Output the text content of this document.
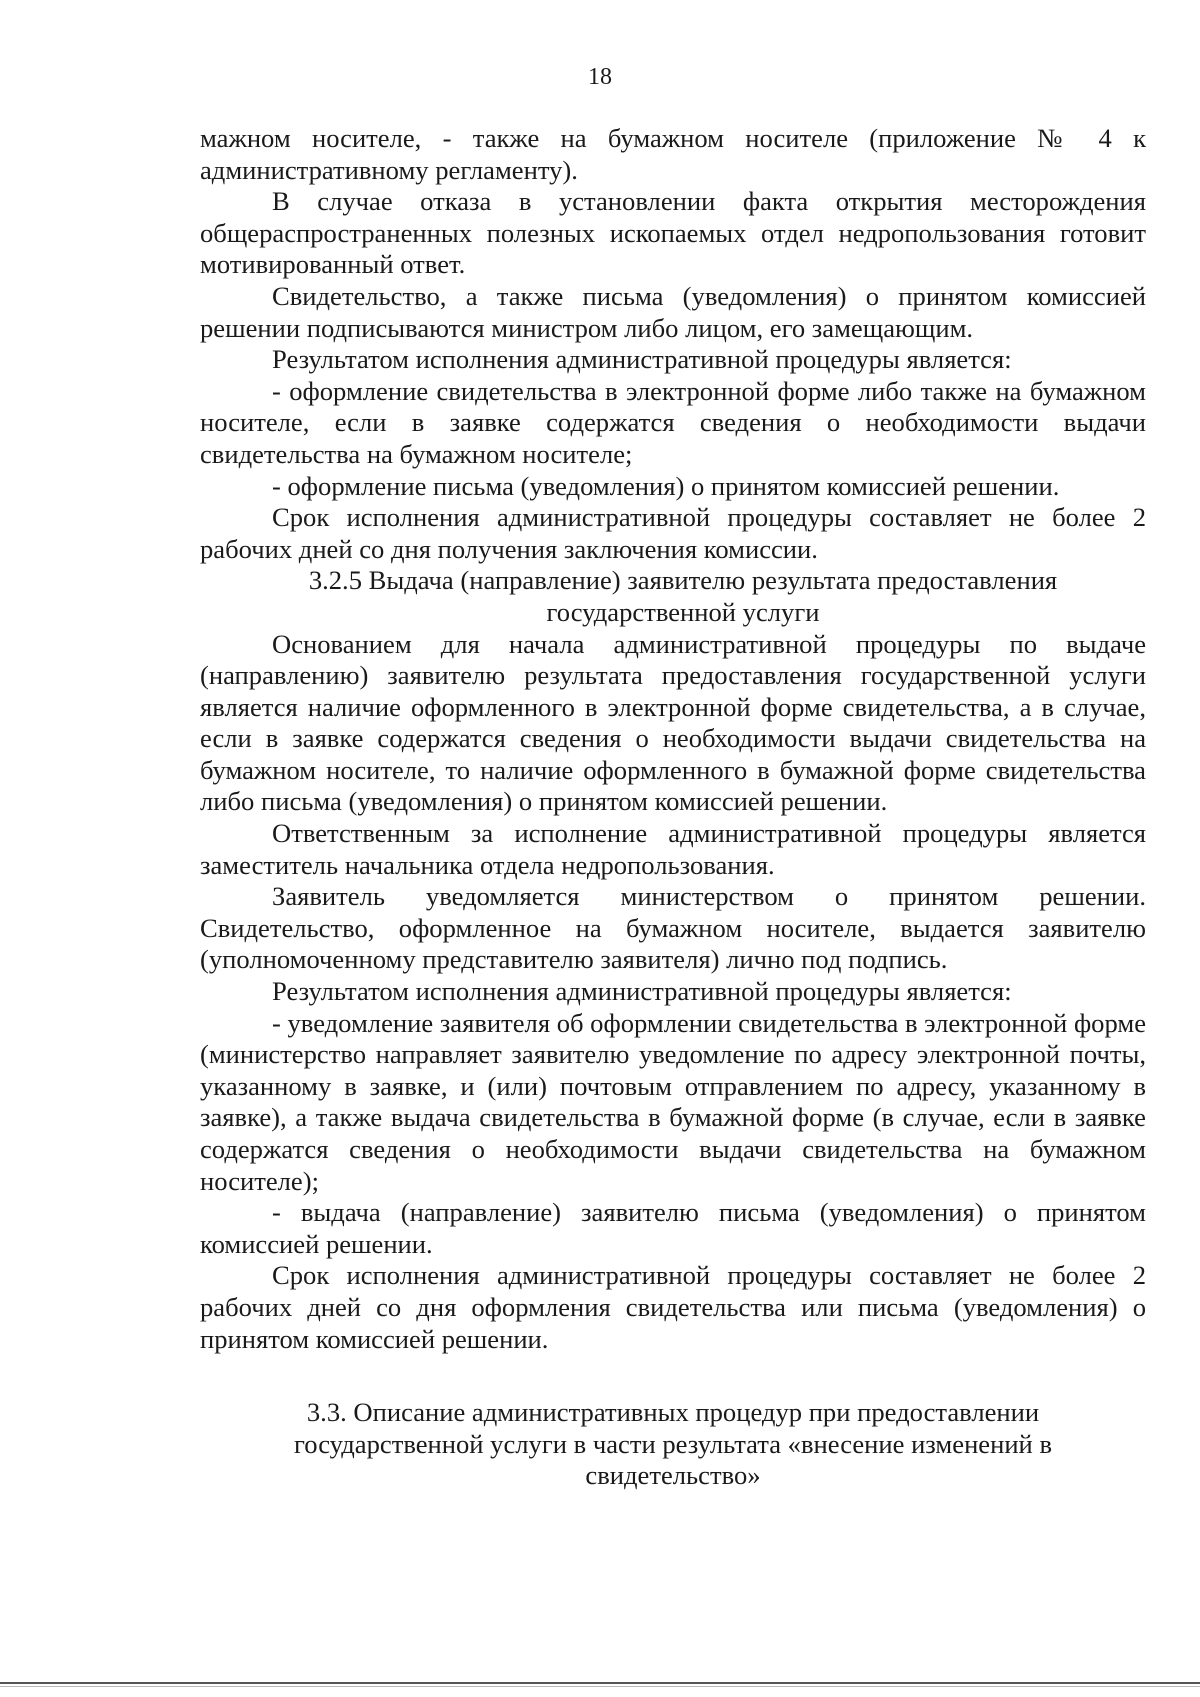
18

мажном носителе, - также на бумажном носителе (приложение № 4 к административному регламенту).

В случае отказа в установлении факта открытия месторождения общераспространенных полезных ископаемых отдел недропользования готовит мотивированный ответ.

Свидетельство, а также письма (уведомления) о принятом комиссией решении подписываются министром либо лицом, его замещающим.

Результатом исполнения административной процедуры является:

- оформление свидетельства в электронной форме либо также на бумажном носителе, если в заявке содержатся сведения о необходимости выдачи свидетельства на бумажном носителе;

- оформление письма (уведомления) о принятом комиссией решении.

Срок исполнения административной процедуры составляет не более 2 рабочих дней со дня получения заключения комиссии.

3.2.5 Выдача (направление) заявителю результата предоставления государственной услуги

Основанием для начала административной процедуры по выдаче (направлению) заявителю результата предоставления государственной услуги является наличие оформленного в электронной форме свидетельства, а в случае, если в заявке содержатся сведения о необходимости выдачи свидетельства на бумажном носителе, то наличие оформленного в бумажной форме свидетельства либо письма (уведомления) о принятом комиссией решении.

Ответственным за исполнение административной процедуры является заместитель начальника отдела недропользования.

Заявитель уведомляется министерством о принятом решении. Свидетельство, оформленное на бумажном носителе, выдается заявителю (уполномоченному представителю заявителя) лично под подпись.

Результатом исполнения административной процедуры является:

- уведомление заявителя об оформлении свидетельства в электронной форме (министерство направляет заявителю уведомление по адресу электронной почты, указанному в заявке, и (или) почтовым отправлением по адресу, указанному в заявке), а также выдача свидетельства в бумажной форме (в случае, если в заявке содержатся сведения о необходимости выдачи свидетельства на бумажном носителе);

- выдача (направление) заявителю письма (уведомления) о принятом комиссией решении.

Срок исполнения административной процедуры составляет не более 2 рабочих дней со дня оформления свидетельства или письма (уведомления) о принятом комиссией решении.

3.3. Описание административных процедур при предоставлении государственной услуги в части результата «внесение изменений в свидетельство»
